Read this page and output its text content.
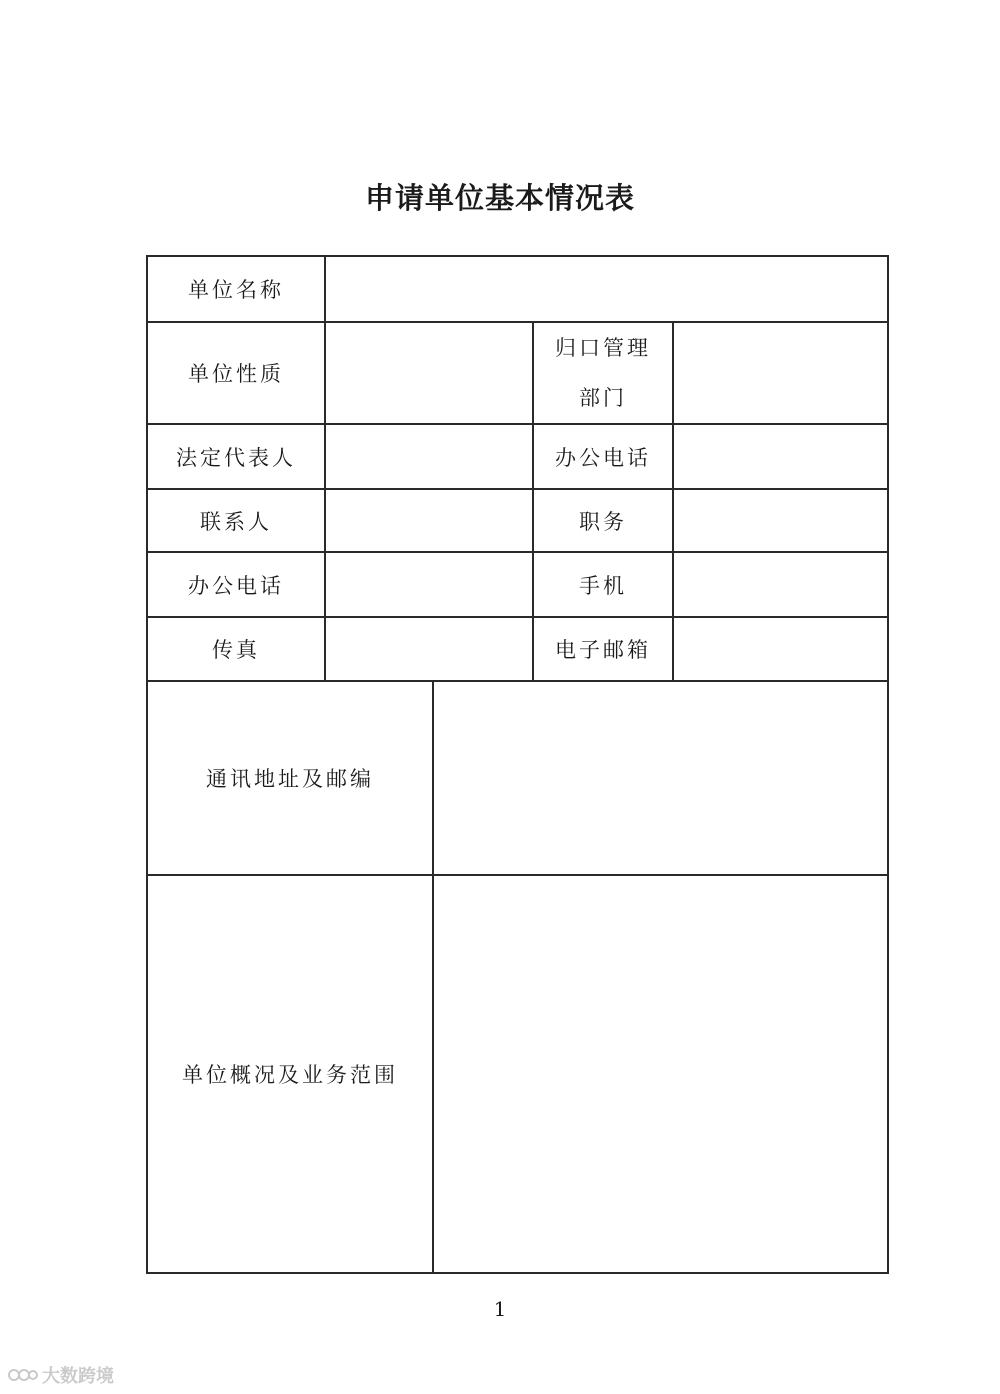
申请单位基本情况表
单位名称				
单位性质			归口管理部门	

法定代表人			办公电话	
联系人			职务	
办公电话			手机	
传真			电子邮箱	
通讯地址及邮编				
单位概况及业务范围				
1
大数跨境
